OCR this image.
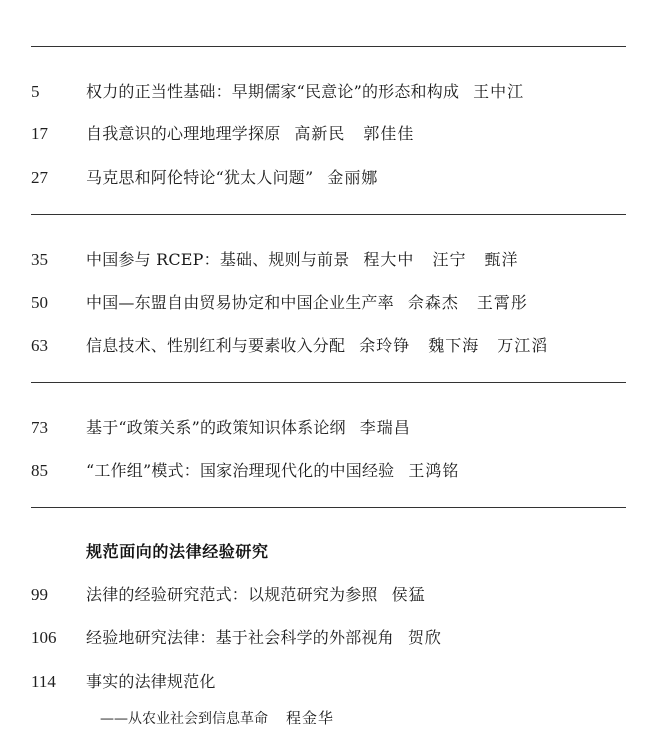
5	权力的正当性基础：早期儒家“民意论”的形态和构成 王中江
17 自我意识的心理地理学探原 高新民 郭佳佳
27 马克思和阿伦特论“犹太人问题” 金丽娜
35 中国参与 RCEP：基础、规则与前景 程大中 汪宁 甄洋
50 中国—东盟自由贸易协定和中国企业生产率 佘森杰 王霄彤
63 信息技术、性别红利与要素收入分配 余玲铮 魏下海 万江滔
73 基于“政策关系”的政策知识体系论纲 李瑞昌
85 “工作组”模式：国家治理现代化的中国经验 王鸿铭
规范面向的法律经验研究
99 法律的经验研究范式：以规范研究为参照 侯猛
106 经验地研究法律：基于社会科学的外部视角 贺欣
114 事实的法律规范化
——从农业社会到信息革命 程金华
